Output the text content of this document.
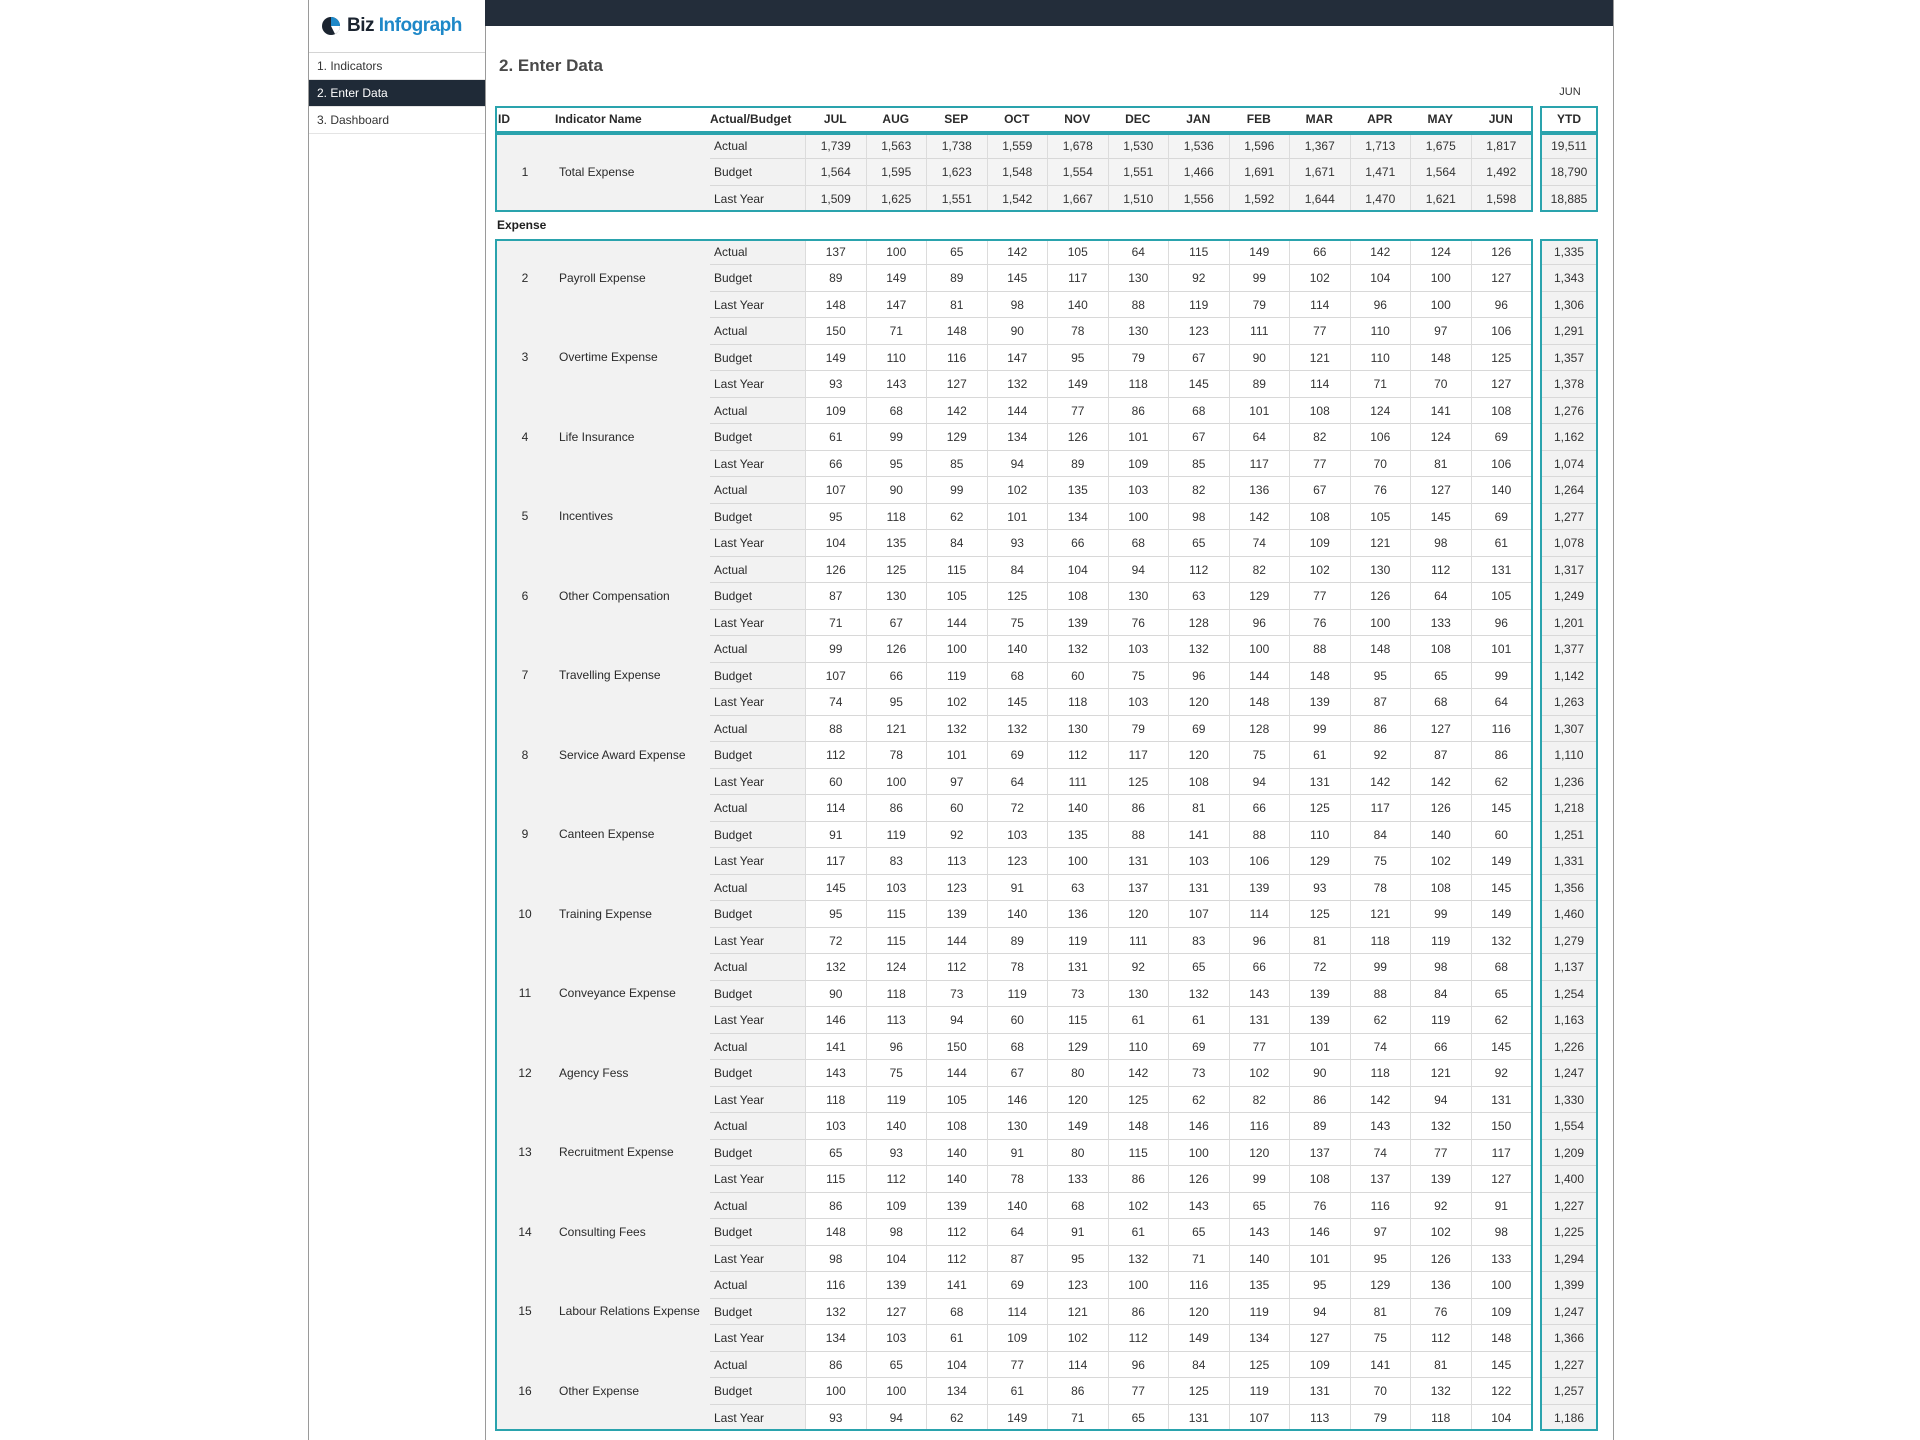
Biz Infograph
1. Indicators
2. Enter Data
3. Dashboard
2. Enter Data
JUN
ID	Indicator Name	Actual/Budget	JUL	AUG	SEP	OCT	NOV	DEC	JAN	FEB	MAR	APR	MAY	JUN	YTD
1	Total Expense
Actual	1,739	1,563	1,738	1,559	1,678	1,530	1,536	1,596	1,367	1,713	1,675	1,817	19,511
Budget	1,564	1,595	1,623	1,548	1,554	1,551	1,466	1,691	1,671	1,471	1,564	1,492	18,790
Last Year	1,509	1,625	1,551	1,542	1,667	1,510	1,556	1,592	1,644	1,470	1,621	1,598	18,885
Expense
2	Payroll Expense
Actual	137	100	65	142	105	64	115	149	66	142	124	126	1,335
Budget	89	149	89	145	117	130	92	99	102	104	100	127	1,343
Last Year	148	147	81	98	140	88	119	79	114	96	100	96	1,306
3	Overtime Expense
Actual	150	71	148	90	78	130	123	111	77	110	97	106	1,291
Budget	149	110	116	147	95	79	67	90	121	110	148	125	1,357
Last Year	93	143	127	132	149	118	145	89	114	71	70	127	1,378
4	Life Insurance
Actual	109	68	142	144	77	86	68	101	108	124	141	108	1,276
Budget	61	99	129	134	126	101	67	64	82	106	124	69	1,162
Last Year	66	95	85	94	89	109	85	117	77	70	81	106	1,074
5	Incentives
Actual	107	90	99	102	135	103	82	136	67	76	127	140	1,264
Budget	95	118	62	101	134	100	98	142	108	105	145	69	1,277
Last Year	104	135	84	93	66	68	65	74	109	121	98	61	1,078
6	Other Compensation
Actual	126	125	115	84	104	94	112	82	102	130	112	131	1,317
Budget	87	130	105	125	108	130	63	129	77	126	64	105	1,249
Last Year	71	67	144	75	139	76	128	96	76	100	133	96	1,201
7	Travelling Expense
Actual	99	126	100	140	132	103	132	100	88	148	108	101	1,377
Budget	107	66	119	68	60	75	96	144	148	95	65	99	1,142
Last Year	74	95	102	145	118	103	120	148	139	87	68	64	1,263
8	Service Award Expense
Actual	88	121	132	132	130	79	69	128	99	86	127	116	1,307
Budget	112	78	101	69	112	117	120	75	61	92	87	86	1,110
Last Year	60	100	97	64	111	125	108	94	131	142	142	62	1,236
9	Canteen Expense
Actual	114	86	60	72	140	86	81	66	125	117	126	145	1,218
Budget	91	119	92	103	135	88	141	88	110	84	140	60	1,251
Last Year	117	83	113	123	100	131	103	106	129	75	102	149	1,331
10	Training Expense
Actual	145	103	123	91	63	137	131	139	93	78	108	145	1,356
Budget	95	115	139	140	136	120	107	114	125	121	99	149	1,460
Last Year	72	115	144	89	119	111	83	96	81	118	119	132	1,279
11	Conveyance Expense
Actual	132	124	112	78	131	92	65	66	72	99	98	68	1,137
Budget	90	118	73	119	73	130	132	143	139	88	84	65	1,254
Last Year	146	113	94	60	115	61	61	131	139	62	119	62	1,163
12	Agency Fess
Actual	141	96	150	68	129	110	69	77	101	74	66	145	1,226
Budget	143	75	144	67	80	142	73	102	90	118	121	92	1,247
Last Year	118	119	105	146	120	125	62	82	86	142	94	131	1,330
13	Recruitment Expense
Actual	103	140	108	130	149	148	146	116	89	143	132	150	1,554
Budget	65	93	140	91	80	115	100	120	137	74	77	117	1,209
Last Year	115	112	140	78	133	86	126	99	108	137	139	127	1,400
14	Consulting Fees
Actual	86	109	139	140	68	102	143	65	76	116	92	91	1,227
Budget	148	98	112	64	91	61	65	143	146	97	102	98	1,225
Last Year	98	104	112	87	95	132	71	140	101	95	126	133	1,294
15	Labour Relations Expense
Actual	116	139	141	69	123	100	116	135	95	129	136	100	1,399
Budget	132	127	68	114	121	86	120	119	94	81	76	109	1,247
Last Year	134	103	61	109	102	112	149	134	127	75	112	148	1,366
16	Other Expense
Actual	86	65	104	77	114	96	84	125	109	141	81	145	1,227
Budget	100	100	134	61	86	77	125	119	131	70	132	122	1,257
Last Year	93	94	62	149	71	65	131	107	113	79	118	104	1,186
